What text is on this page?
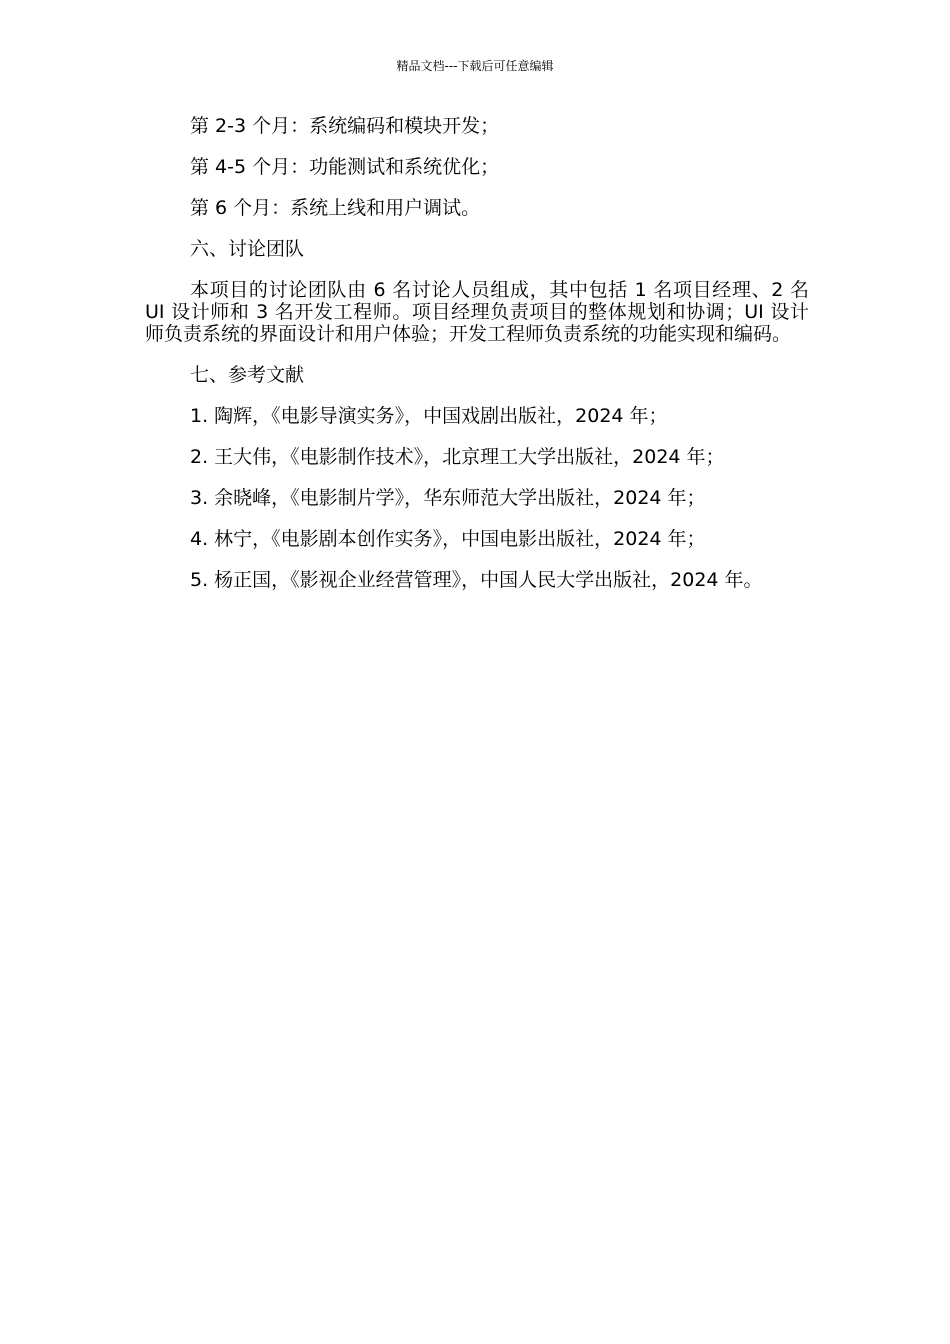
精品文档---下载后可任意编辑

第 2-3 个月：系统编码和模块开发；

第 4-5 个月：功能测试和系统优化；

第 6 个月：系统上线和用户调试。

六、讨论团队

本项目的讨论团队由 6 名讨论人员组成，其中包括 1 名项目经理、2 名 UI 设计师和 3 名开发工程师。项目经理负责项目的整体规划和协调；UI 设计师负责系统的界面设计和用户体验；开发工程师负责系统的功能实现和编码。

七、参考文献

1. 陶辉，《电影导演实务》，中国戏剧出版社，2024 年；

2. 王大伟，《电影制作技术》，北京理工大学出版社，2024 年；

3. 余晓峰，《电影制片学》，华东师范大学出版社，2024 年；

4. 林宁，《电影剧本创作实务》，中国电影出版社，2024 年；

5. 杨正国，《影视企业经营管理》，中国人民大学出版社，2024 年。
